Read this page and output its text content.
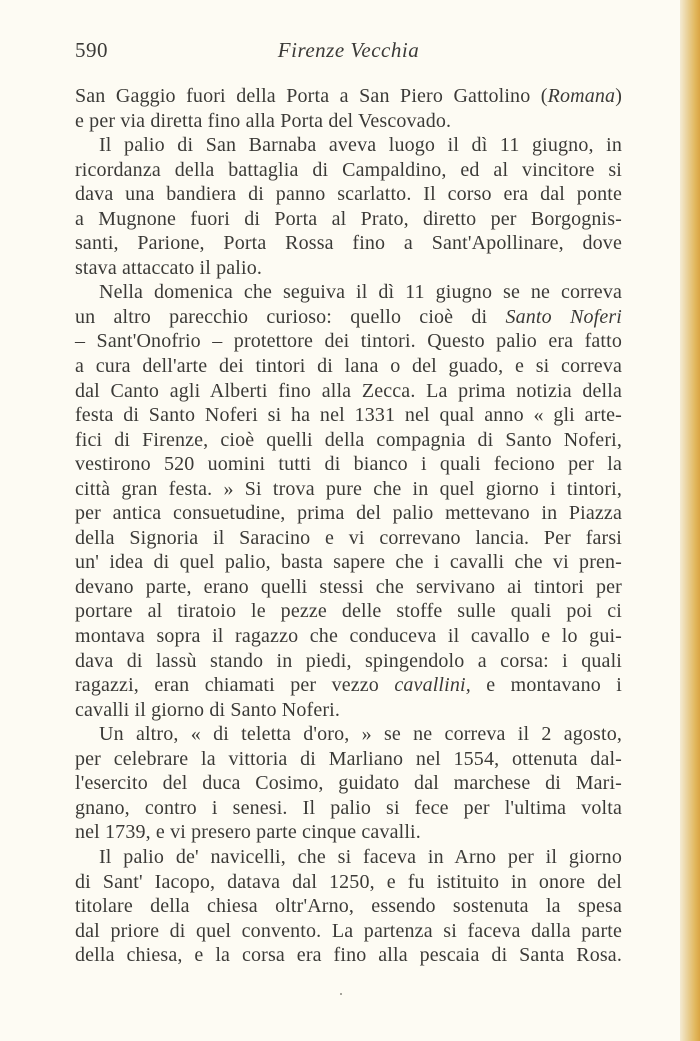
590	Firenze Vecchia
San Gaggio fuori della Porta a San Piero Gattolino (Romana)
e per via diretta fino alla Porta del Vescovado.
Il palio di San Barnaba aveva luogo il dì 11 giugno, in
ricordanza della battaglia di Campaldino, ed al vincitore si
dava una bandiera di panno scarlatto. Il corso era dal ponte
a Mugnone fuori di Porta al Prato, diretto per Borgognis-
santi, Parione, Porta Rossa fino a Sant'Apollinare, dove
stava attaccato il palio.
Nella domenica che seguiva il dì 11 giugno se ne correva
un altro parecchio curioso: quello cioè di Santo Noferi
– Sant'Onofrio – protettore dei tintori. Questo palio era fatto
a cura dell'arte dei tintori di lana o del guado, e si correva
dal Canto agli Alberti fino alla Zecca. La prima notizia della
festa di Santo Noferi si ha nel 1331 nel qual anno « gli arte-
fici di Firenze, cioè quelli della compagnia di Santo Noferi,
vestirono 520 uomini tutti di bianco i quali feciono per la
città gran festa. » Si trova pure che in quel giorno i tintori,
per antica consuetudine, prima del palio mettevano in Piazza
della Signoria il Saracino e vi correvano lancia. Per farsi
un' idea di quel palio, basta sapere che i cavalli che vi pren-
devano parte, erano quelli stessi che servivano ai tintori per
portare al tiratoio le pezze delle stoffe sulle quali poi ci
montava sopra il ragazzo che conduceva il cavallo e lo gui-
dava di lassù stando in piedi, spingendolo a corsa: i quali
ragazzi, eran chiamati per vezzo cavallini, e montavano i
cavalli il giorno di Santo Noferi.
Un altro, « di teletta d'oro, » se ne correva il 2 agosto,
per celebrare la vittoria di Marliano nel 1554, ottenuta dal-
l'esercito del duca Cosimo, guidato dal marchese di Mari-
gnano, contro i senesi. Il palio si fece per l'ultima volta
nel 1739, e vi presero parte cinque cavalli.
Il palio de' navicelli, che si faceva in Arno per il giorno
di Sant' Iacopo, datava dal 1250, e fu istituito in onore del
titolare della chiesa oltr'Arno, essendo sostenuta la spesa
dal priore di quel convento. La partenza si faceva dalla parte
della chiesa, e la corsa era fino alla pescaia di Santa Rosa.
